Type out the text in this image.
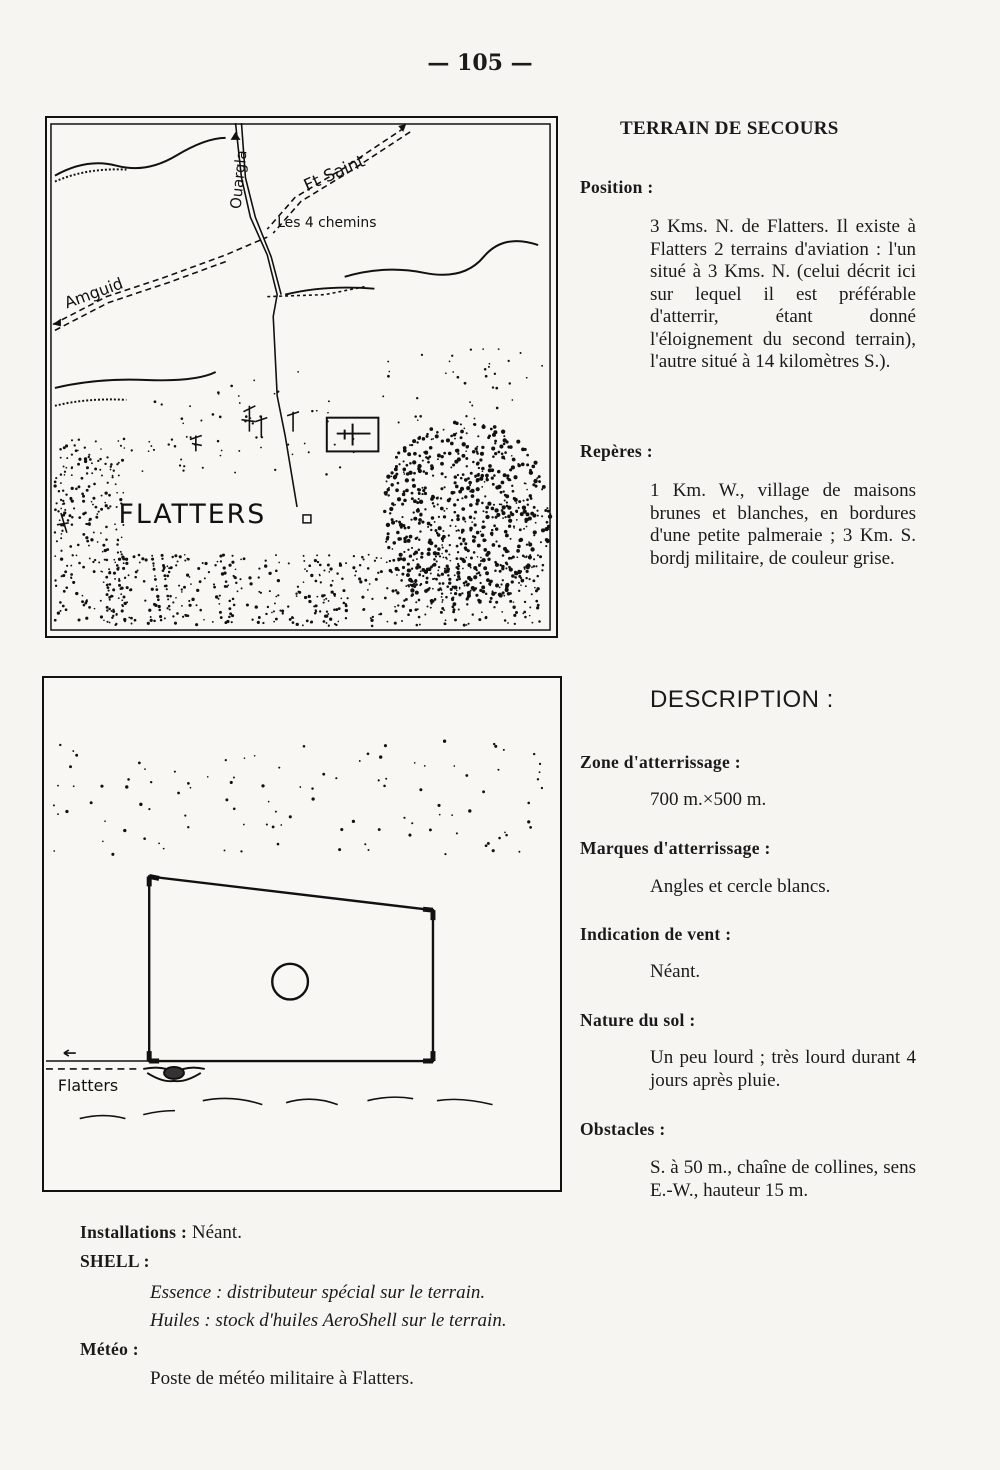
— 105 —
Ouargla	Ft Saint
Les 4 chemins
Amguid
FLATTERS
Flatters
TERRAIN DE SECOURS
Position :
3 Kms. N. de Flatters. Il existe à Flatters 2 terrains d'aviation : l'un situé à 3 Kms. N. (celui décrit ici sur lequel il est préférable d'atterrir, étant donné l'éloignement du second terrain), l'autre situé à 14 kilomètres S.).
Repères :
1 Km. W., village de maisons brunes et blanches, en bordures d'une petite palmeraie ; 3 Km. S. bordj militaire, de couleur grise.
DESCRIPTION :
Zone d'atterrissage :
700 m.×500 m.
Marques d'atterrissage :
Angles et cercle blancs.
Indication de vent :
Néant.
Nature du sol :
Un peu lourd ; très lourd durant 4 jours après pluie.
Obstacles :
S. à 50 m., chaîne de collines, sens E.-W., hauteur 15 m.
Installations : Néant.
SHELL :
Essence : distributeur spécial sur le terrain.
Huiles : stock d'huiles AeroShell sur le terrain.
Météo :
Poste de météo militaire à Flatters.
